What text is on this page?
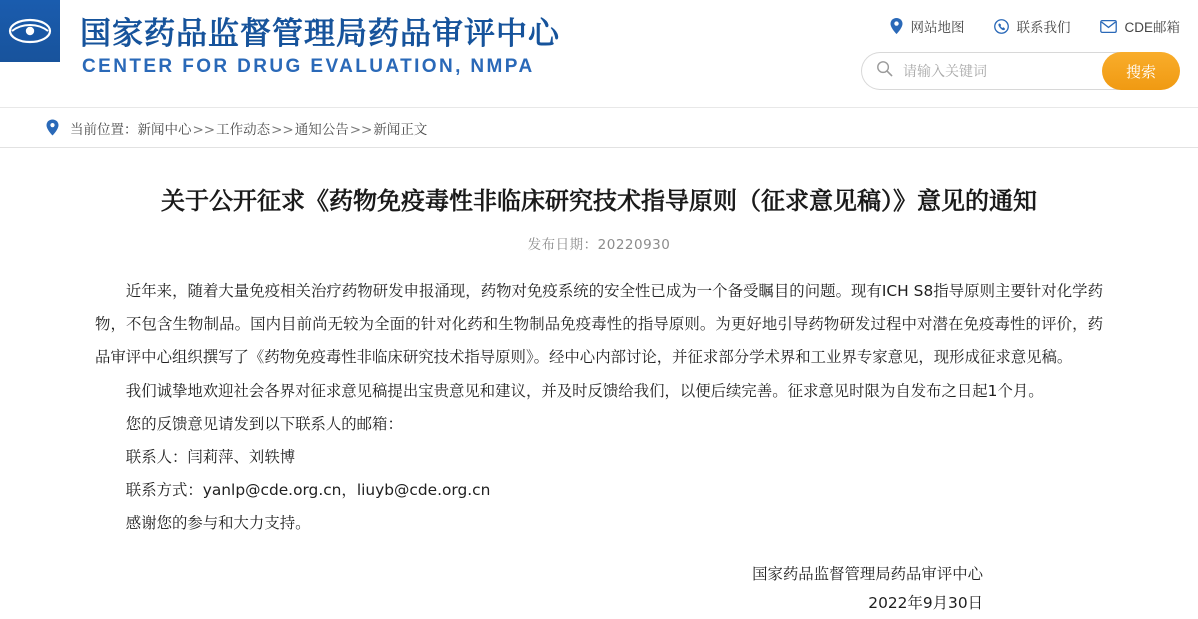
国家药品监督管理局药品审评中心
CENTER FOR DRUG EVALUATION, NMPA
网站地图	联系我们	CDE邮箱
请输入关键词
搜索
当前位置：新闻中心>>工作动态>>通知公告>>新闻正文
关于公开征求《药物免疫毒性非临床研究技术指导原则（征求意见稿）》意见的通知
发布日期：20220930

近年来，随着大量免疫相关治疗药物研发申报涌现，药物对免疫系统的安全性已成为一个备受瞩目的问题。现有ICH S8指导原则主要针对化学药物，不包含生物制品。国内目前尚无较为全面的针对化药和生物制品免疫毒性的指导原则。为更好地引导药物研发过程中对潜在免疫毒性的评价，药品审评中心组织撰写了《药物免疫毒性非临床研究技术指导原则》。经中心内部讨论，并征求部分学术界和工业界专家意见，现形成征求意见稿。

我们诚挚地欢迎社会各界对征求意见稿提出宝贵意见和建议，并及时反馈给我们，以便后续完善。征求意见时限为自发布之日起1个月。

您的反馈意见请发到以下联系人的邮箱：

联系人：闫莉萍、刘轶博

联系方式：yanlp@cde.org.cn，liuyb@cde.org.cn

感谢您的参与和大力支持。

国家药品监督管理局药品审评中心
2022年9月30日
